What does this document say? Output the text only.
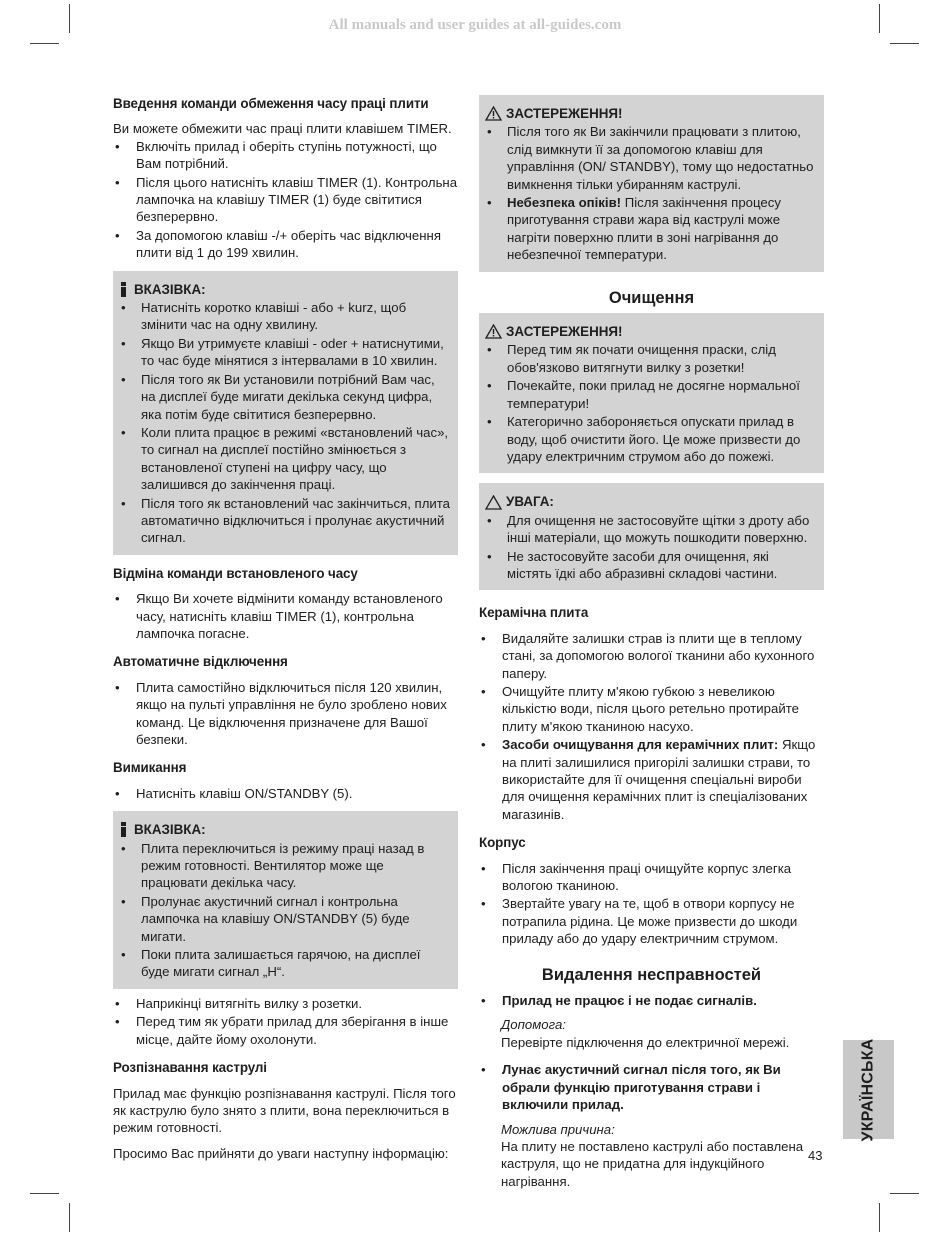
All manuals and user guides at all-guides.com
Введення команди обмеження часу праці плити

Ви можете обмежити час праці плити клавішем TIMER.

• Включіть прилад і оберіть ступінь потужності, що Вам потрібний.
• Після цього натисніть клавіш TIMER (1). Контрольна лампочка на клавішу TIMER (1) буде світитися безперервно.
• За допомогою клавіш -/+ оберіть час відключення плити від 1 до 199 хвилин.
ВКАЗІВКА:
• Натисніть коротко клавіші - або + kurz, щоб змінити час на одну хвилину.
• Якщо Ви утримуєте клавіші - oder + натиснутими, то час буде мінятися з інтервалами в 10 хвилин.
• Після того як Ви установили потрібний Вам час, на дисплеї буде мигати декілька секунд цифра, яка потім буде світитися безперервно.
• Коли плита працює в режимі «встановлений час», то сигнал на дисплеї постійно змінюється з встановленої ступені на цифру часу, що залишився до закінчення праці.
• Після того як встановлений час закінчиться, плита автоматично відключиться і пролунає акустичний сигнал.
Відміна команди встановленого часу
• Якщо Ви хочете відмінити команду встановленого часу, натисніть клавіш TIMER (1), контрольна лампочка погасне.
Автоматичне відключення
• Плита самостійно відключиться після 120 хвилин, якщо на пульті управління не було зроблено нових команд. Це відключення призначене для Вашої безпеки.
Вимикання
• Натисніть клавіш ON/STANDBY (5).
ВКАЗІВКА:
• Плита переключиться із режиму праці назад в режим готовності. Вентилятор може ще працювати декілька часу.
• Пролунає акустичний сигнал і контрольна лампочка на клавішу ON/STANDBY (5) буде мигати.
• Поки плита залишається гарячою, на дисплеї буде мигати сигнал „H“.
• Наприкінці витягніть вилку з розетки.
• Перед тим як убрати прилад для зберігання в інше місце, дайте йому охолонути.
Розпізнавання каструлі

Прилад має функцію розпізнавання каструлі. Після того як каструлю було знято з плити, вона переключиться в режим готовності.

Просимо Вас прийняти до уваги наступну інформацію:

ЗАСТЕРЕЖЕННЯ!
• Після того як Ви закінчили працювати з плитою, слід вимкнути її за допомогою клавіш для управління (ON/ STANDBY), тому що недостатньо вимкнення тільки убиранням каструлі.
• Небезпека опіків! Після закінчення процесу приготування страви жара від каструлі може нагріти поверхню плити в зоні нагрівання до небезпечної температури.
Очищення
ЗАСТЕРЕЖЕННЯ!
• Перед тим як почати очищення праски, слід обов'язково витягнути вилку з розетки!
• Почекайте, поки прилад не досягне нормальної температури!
• Категорично забороняється опускати прилад в воду, щоб очистити його. Це може призвести до удару електричним струмом або до пожежі.
УВАГА:
• Для очищення не застосовуйте щітки з дроту або інші матеріали, що можуть пошкодити поверхню.
• Не застосовуйте засоби для очищення, які містять їдкі або абразивні складові частини.
Керамічна плита
• Видаляйте залишки страв із плити ще в теплому стані, за допомогою вологої тканини або кухонного паперу.
• Очищуйте плиту м'якою губкою з невеликою кількістю води, після цього ретельно протирайте плиту м'якою тканиною насухо.
• Засоби очищування для керамічних плит: Якщо на плиті залишилися пригорілі залишки страви, то використайте для її очищення спеціальні вироби для очищення керамічних плит із спеціалізованих магазинів.
Корпус
• Після закінчення праці очищуйте корпус злегка вологою тканиною.
• Звертайте увагу на те, щоб в отвори корпусу не потрапила рідина. Це може призвести до шкоди приладу або до удару електричним струмом.
Видалення несправностей
• Прилад не працює і не подає сигналів.
Допомога:
Перевірте підключення до електричної мережі.
• Лунає акустичний сигнал після того, як Ви обрали функцію приготування страви і включили прилад.
Можлива причина:
На плиту не поставлено каструлі або поставлена каструля, що не придатна для індукційного нагрівання.
УКРАЇНСЬКА
43
